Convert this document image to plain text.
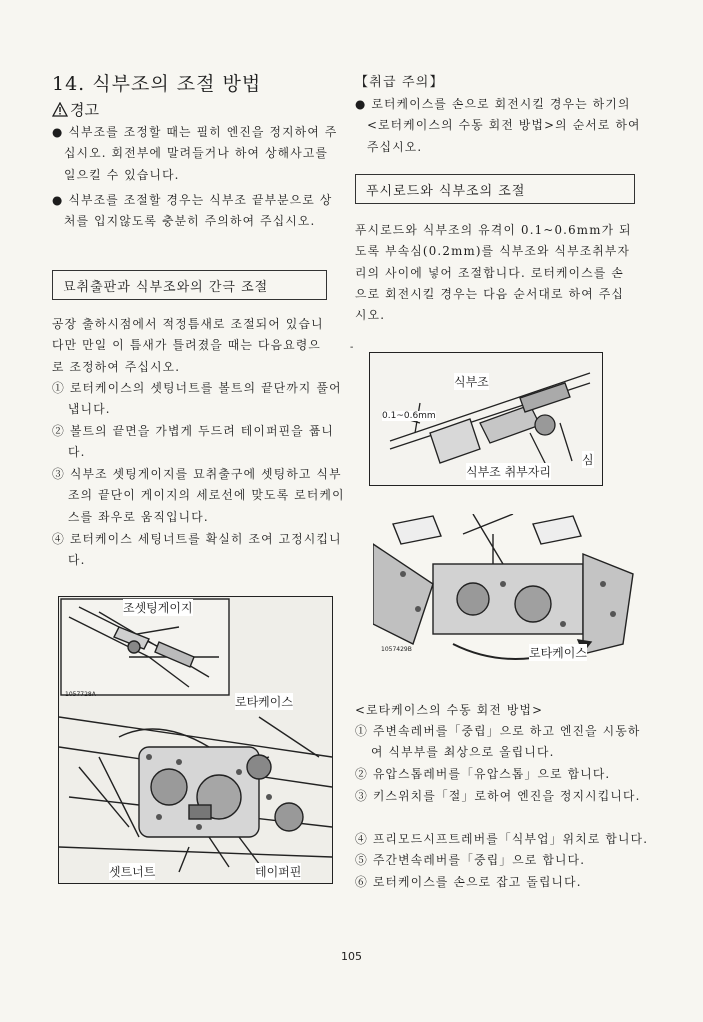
14. 식부조의 조절 방법
경고

● 식부조를 조정할 때는 필히 엔진을 정지하여 주십시오. 회전부에 말려들거나 하여 상해사고를 일으킬 수 있습니다.

● 식부조를 조절할 경우는 식부조 끝부분으로 상처를 입지않도록 충분히 주의하여 주십시오.

묘취출판과 식부조와의 간극 조절

공장 출하시점에서 적정틈새로 조절되어 있습니다만 만일 이 틈새가 틀려졌을 때는 다음요령으로 조정하여 주십시오.

① 로터케이스의 셋팅너트를 볼트의 끝단까지 풀어냅니다.

② 볼트의 끝면을 가볍게 두드려 테이퍼핀을 풉니다.

③ 식부조 셋팅게이지를 묘취출구에 셋팅하고 식부조의 끝단이 게이지의 세로선에 맞도록 로터케이스를 좌우로 움직입니다.

④ 로터케이스 세팅너트를 확실히 조여 고정시킵니다.

조셋팅게이지
1057728A
로타케이스
셋트너트	테이퍼핀
-
【취급 주의】

● 로터케이스를 손으로 회전시킬 경우는 하기의 <로터케이스의 수동 회전 방법>의 순서로 하여 주십시오.

푸시로드와 식부조의 조절

푸시로드와 식부조의 유격이 0.1~0.6mm가 되도록 부속심(0.2mm)를 식부조와 식부조취부자리의 사이에 넣어 조절합니다. 로터케이스를 손으로 회전시킬 경우는 다음 순서대로 하여 주십시오.

식부조
0.1~0.6mm
식부조 취부자리
심
1057429B	로타케이스
<로타케이스의 수동 회전 방법>

① 주변속레버를「중립」으로 하고 엔진을 시동하여 식부부를 최상으로 올립니다.

② 유압스톱레버를「유압스톱」으로 합니다.

③ 키스위치를「절」로하여 엔진을 정지시킵니다.

④ 프리모드시프트레버를「식부업」위치로 합니다.

⑤ 주간변속레버를「중립」으로 합니다.

⑥ 로터케이스를 손으로 잡고 돌립니다.

105
